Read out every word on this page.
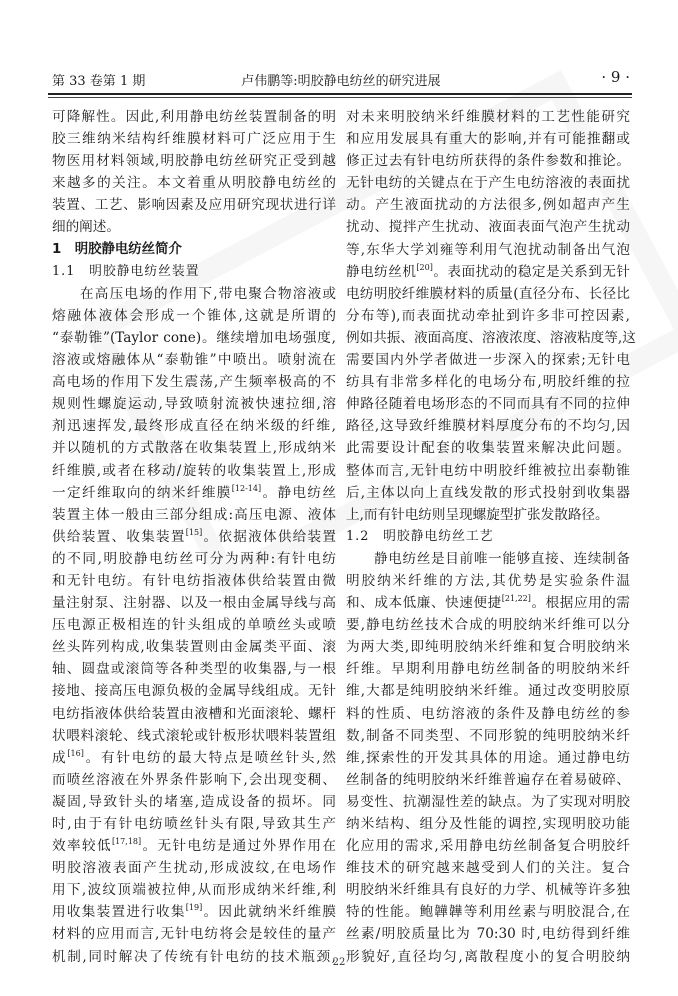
第 33 卷第 1 期	卢伟鹏等:明胶静电纺丝的研究进展	· 9 ·
可降解性。因此,利用静电纺丝装置制备的明
胶三维纳米结构纤维膜材料可广泛应用于生
物医用材料领域,明胶静电纺丝研究正受到越
来越多的关注。本文着重从明胶静电纺丝的
装置、工艺、影响因素及应用研究现状进行详
细的阐述。
1　明胶静电纺丝简介
1.1　明胶静电纺丝装置
在高压电场的作用下,带电聚合物溶液或
熔融体液体会形成一个锥体,这就是所谓的
“泰勒锥”(Taylor cone)。继续增加电场强度,
溶液或熔融体从“泰勒锥”中喷出。喷射流在
高电场的作用下发生震荡,产生频率极高的不
规则性螺旋运动,导致喷射流被快速拉细,溶
剂迅速挥发,最终形成直径在纳米级的纤维,
并以随机的方式散落在收集装置上,形成纳米
纤维膜,或者在移动/旋转的收集装置上,形成
一定纤维取向的纳米纤维膜[12-14]。静电纺丝
装置主体一般由三部分组成:高压电源、液体
供给装置、收集装置[15]。依据液体供给装置
的不同,明胶静电纺丝可分为两种:有针电纺
和无针电纺。有针电纺指液体供给装置由微
量注射泵、注射器、以及一根由金属导线与高
压电源正极相连的针头组成的单喷丝头或喷
丝头阵列构成,收集装置则由金属类平面、滚
轴、圆盘或滚筒等各种类型的收集器,与一根
接地、接高压电源负极的金属导线组成。无针
电纺指液体供给装置由液槽和光面滚轮、螺杆
状喂料滚轮、线式滚轮或针板形状喂料装置组
成[16]。有针电纺的最大特点是喷丝针头,然
而喷丝溶液在外界条件影响下,会出现变稠、
凝固,导致针头的堵塞,造成设备的损坏。同
时,由于有针电纺喷丝针头有限,导致其生产
效率较低[17,18]。无针电纺是通过外界作用在
明胶溶液表面产生扰动,形成波纹,在电场作
用下,波纹顶端被拉伸,从而形成纳米纤维,利
用收集装置进行收集[19]。因此就纳米纤维膜
材料的应用而言,无针电纺将会是较佳的量产
机制,同时解决了传统有针电纺的技术瓶颈,
对未来明胶纳米纤维膜材料的工艺性能研究
和应用发展具有重大的影响,并有可能推翻或
修正过去有针电纺所获得的条件参数和推论。
无针电纺的关键点在于产生电纺溶液的表面扰
动。产生液面扰动的方法很多,例如超声产生
扰动、搅拌产生扰动、液面表面气泡产生扰动
等,东华大学刘雍等利用气泡扰动制备出气泡
静电纺丝机[20]。表面扰动的稳定是关系到无针
电纺明胶纤维膜材料的质量(直径分布、长径比
分布等),而表面扰动牵扯到许多非可控因素,
例如共振、液面高度、溶液浓度、溶液粘度等,这
需要国内外学者做进一步深入的探索;无针电
纺具有非常多样化的电场分布,明胶纤维的拉
伸路径随着电场形态的不同而具有不同的拉伸
路径,这导致纤维膜材料厚度分布的不均匀,因
此需要设计配套的收集装置来解决此问题。
整体而言,无针电纺中明胶纤维被拉出泰勒锥
后,主体以向上直线发散的形式投射到收集器
上,而有针电纺则呈现螺旋型扩张发散路径。
1.2　明胶静电纺丝工艺
静电纺丝是目前唯一能够直接、连续制备
明胶纳米纤维的方法,其优势是实验条件温
和、成本低廉、快速便捷[21,22]。根据应用的需
要,静电纺丝技术合成的明胶纳米纤维可以分
为两大类,即纯明胶纳米纤维和复合明胶纳米
纤维。早期利用静电纺丝制备的明胶纳米纤
维,大都是纯明胶纳米纤维。通过改变明胶原
料的性质、电纺溶液的条件及静电纺丝的参
数,制备不同类型、不同形貌的纯明胶纳米纤
维,探索性的开发其具体的用途。通过静电纺
丝制备的纯明胶纳米纤维普遍存在着易破碎、
易变性、抗潮湿性差的缺点。为了实现对明胶
纳米结构、组分及性能的调控,实现明胶功能
化应用的需求,采用静电纺丝制备复合明胶纤
维技术的研究越来越受到人们的关注。复合
明胶纳米纤维具有良好的力学、机械等许多独
特的性能。鲍韡韡等利用丝素与明胶混合,在
丝素/明胶质量比为 70:30 时,电纺得到纤维
形貌好,直径均匀,离散程度小的复合明胶纳
22
